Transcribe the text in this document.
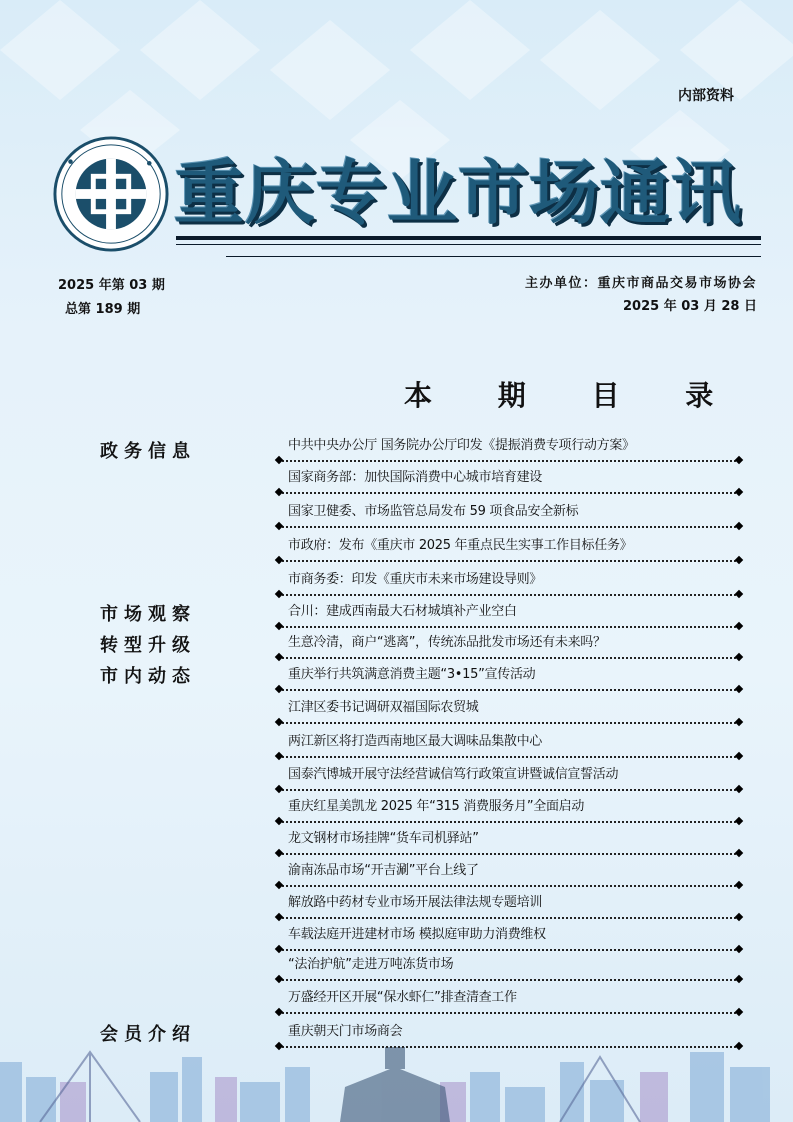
内部资料
●	● 重庆专业市场通讯
2025 年第 03 期
总第 189 期
主办单位：重庆市商品交易市场协会
2025 年 03 月 28 日
本 期 目 录
政务信息
市场观察
转型升级
市内动态
会员介绍
中共中央办公厅 国务院办公厅印发《提振消费专项行动方案》
国家商务部：加快国际消费中心城市培育建设
国家卫健委、市场监管总局发布 59 项食品安全新标
市政府：发布《重庆市 2025 年重点民生实事工作目标任务》
市商务委：印发《重庆市未来市场建设导则》
合川：建成西南最大石材城填补产业空白
生意冷清，商户“逃离”，传统冻品批发市场还有未来吗？
重庆举行共筑满意消费主题“3•15”宣传活动
江津区委书记调研双福国际农贸城
两江新区将打造西南地区最大调味品集散中心
国泰汽博城开展守法经营诚信笃行政策宣讲暨诚信宣誓活动
重庆红星美凯龙 2025 年“315 消费服务月”全面启动
龙文钢材市场挂牌“货车司机驿站”
渝南冻品市场“开吉涮”平台上线了
解放路中药材专业市场开展法律法规专题培训
车载法庭开进建材市场 模拟庭审助力消费维权
“法治护航”走进万吨冻货市场
万盛经开区开展“保水虾仁”排查清查工作
重庆朝天门市场商会
